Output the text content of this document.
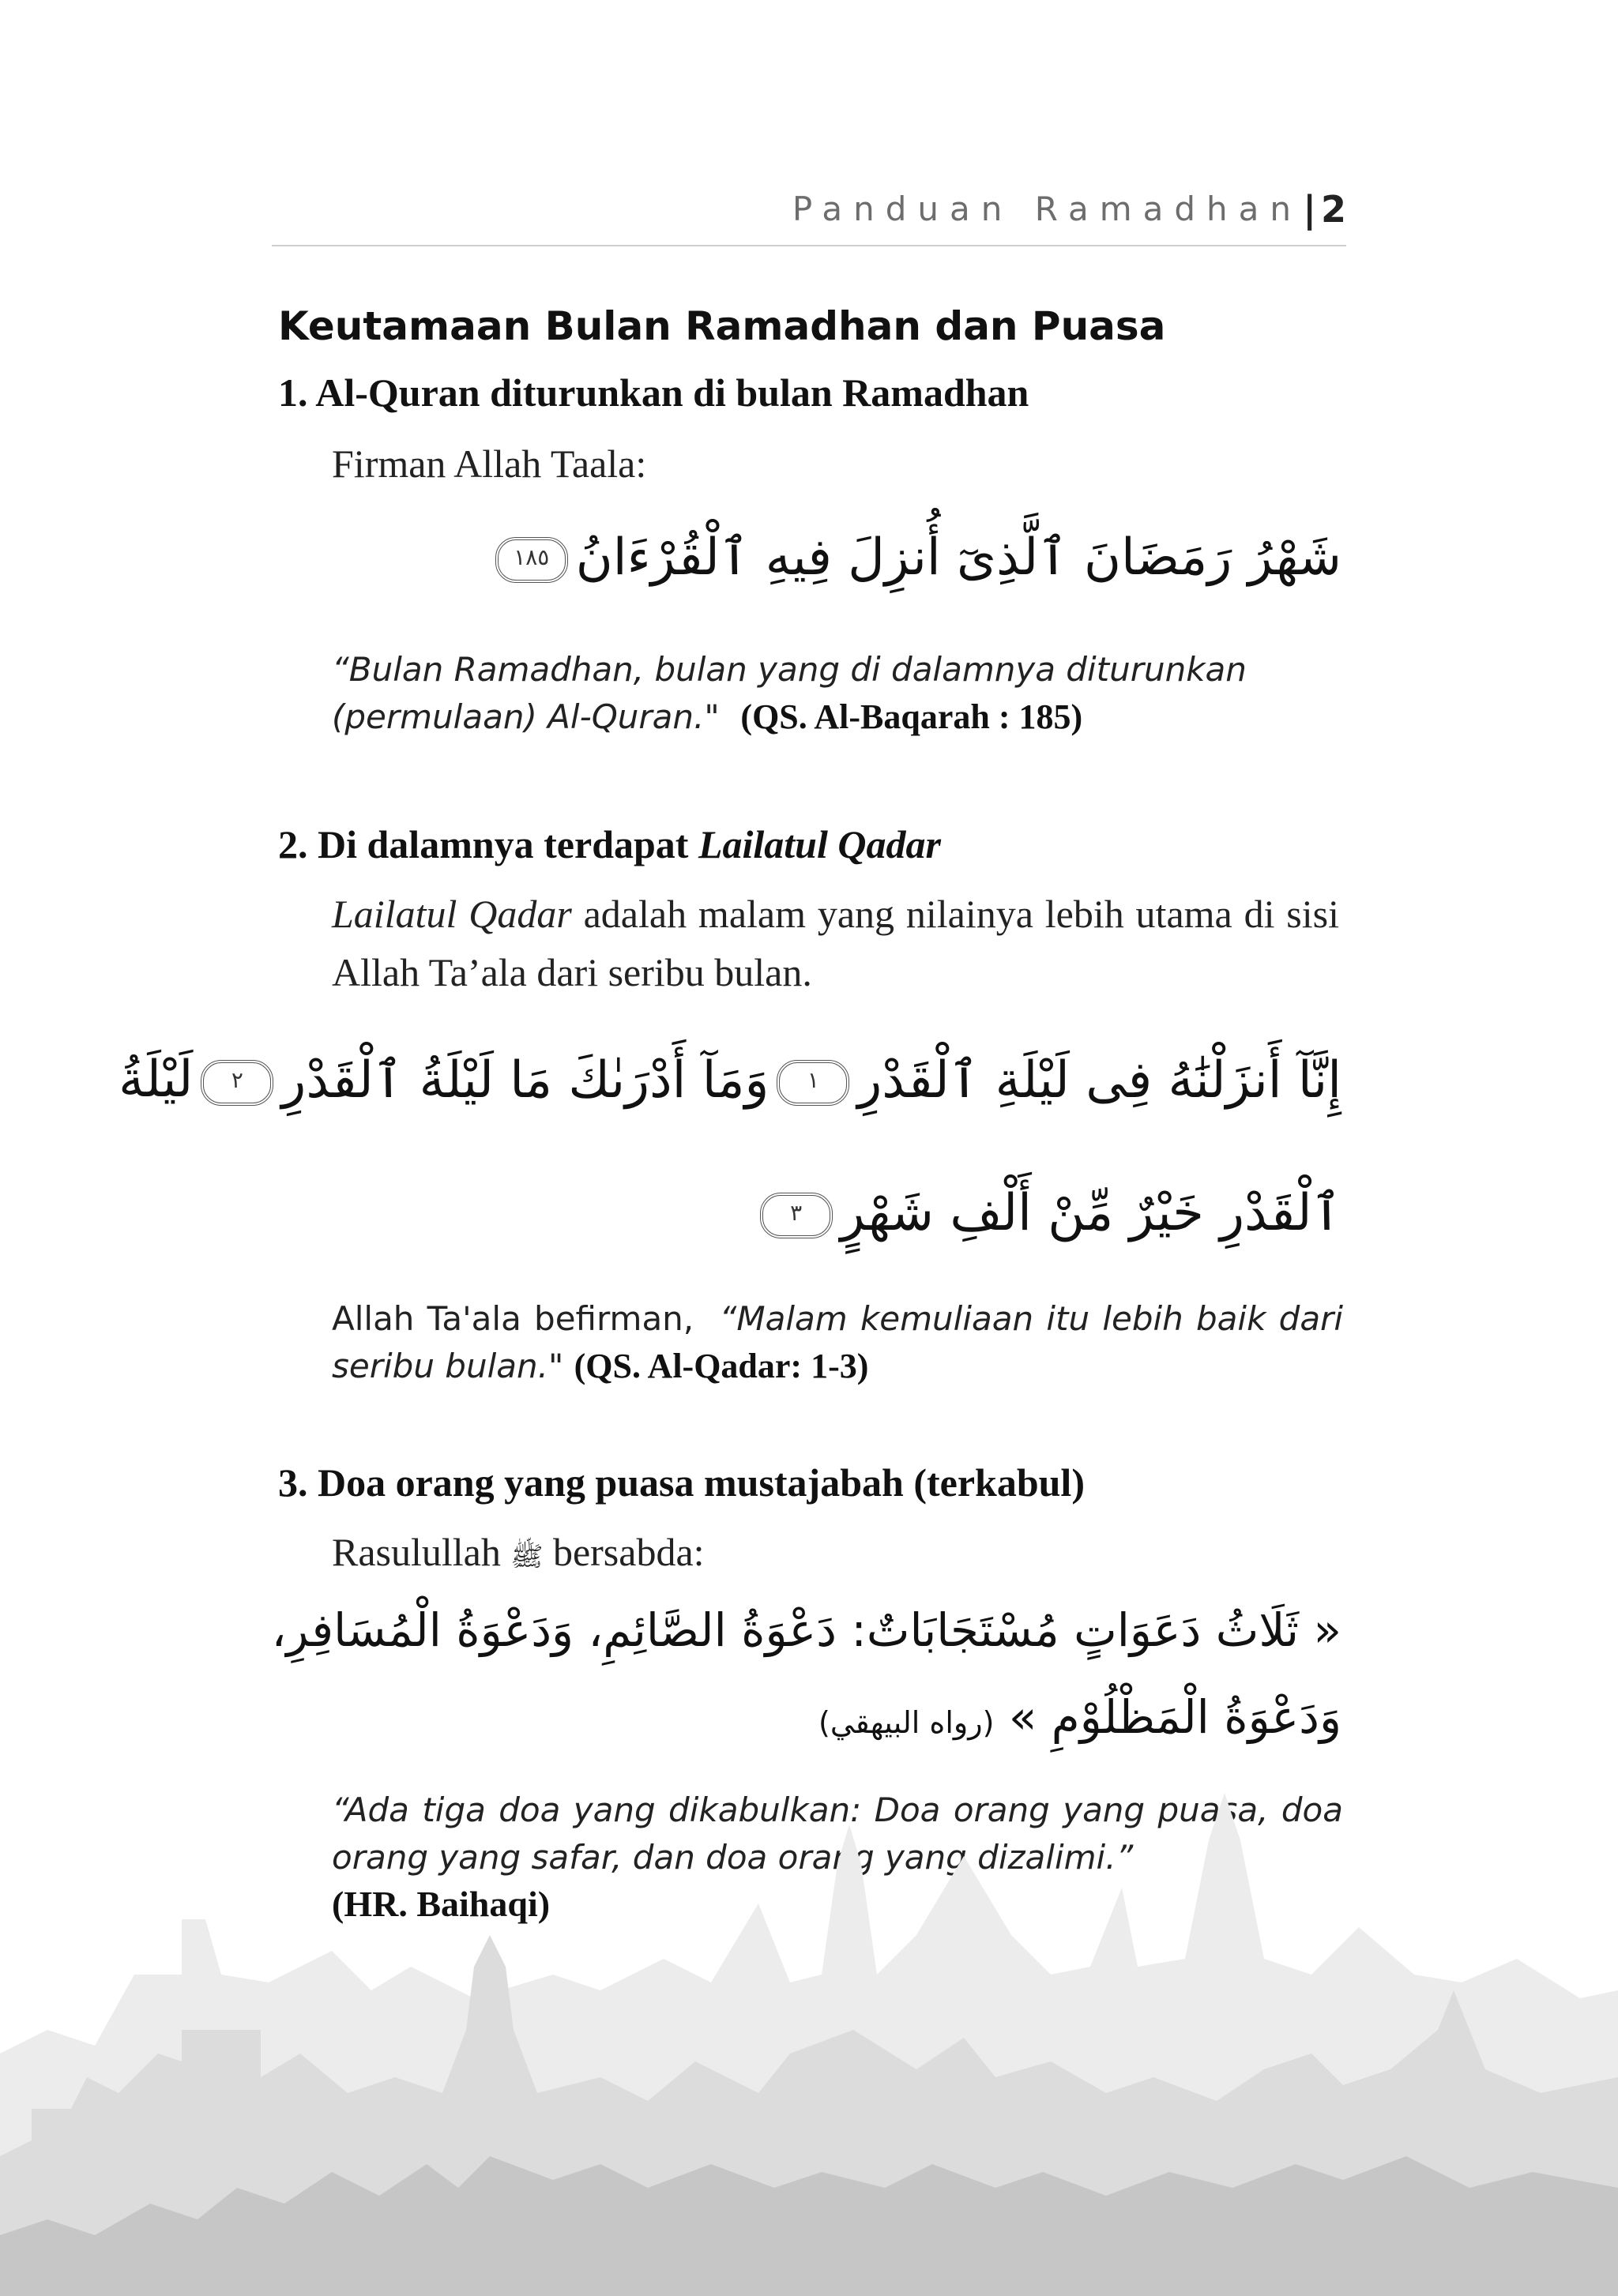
Panduan Ramadhan | 2
Keutamaan Bulan Ramadhan dan Puasa
1. Al-Quran diturunkan di bulan Ramadhan
Firman Allah Taala:
شَهْرُ رَمَضَانَ ٱلَّذِىٓ أُنزِلَ فِيهِ ٱلْقُرْءَانُ١٨٥
“Bulan Ramadhan, bulan yang di dalamnya diturunkan
(permulaan) Al-Quran." (QS. Al-Baqarah : 185)
2. Di dalamnya terdapat Lailatul Qadar
Lailatul Qadar adalah malam yang nilainya lebih utama di sisi Allah Ta’ala dari seribu bulan.
إِنَّآ أَنزَلْنَٰهُ فِى لَيْلَةِ ٱلْقَدْرِ١
وَمَآ أَدْرَىٰكَ مَا لَيْلَةُ ٱلْقَدْرِ٢
لَيْلَةُ
ٱلْقَدْرِ خَيْرٌ مِّنْ أَلْفِ شَهْرٍ٣
Allah Ta'ala befirman, “Malam kemuliaan itu lebih baik dari seribu bulan." (QS. Al-Qadar: 1-3)
3. Doa orang yang puasa mustajabah (terkabul)
Rasulullah ﷺ bersabda:
« ثَلَاثُ دَعَوَاتٍ مُسْتَجَابَاتٌ: دَعْوَةُ الصَّائِمِ، وَدَعْوَةُ الْمُسَافِرِ،
وَدَعْوَةُ الْمَظْلُوْمِ » (رواه البيهقي)
“Ada tiga doa yang dikabulkan: Doa orang yang puasa, doa orang yang safar, dan doa orang yang dizalimi.”
(HR. Baihaqi)
